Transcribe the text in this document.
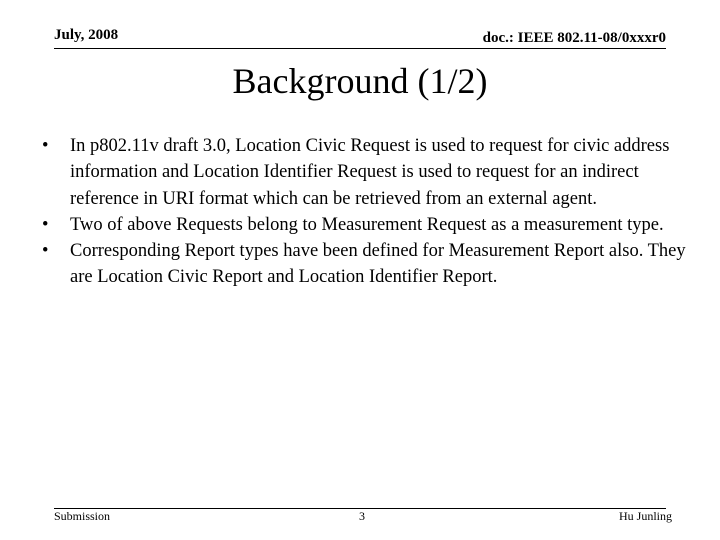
July, 2008	doc.: IEEE 802.11-08/0xxxr0
Background (1/2)
• In p802.11v draft 3.0, Location Civic Request is used to request for civic address information and Location Identifier Request is used to request for an indirect reference in URI format which can be retrieved from an external agent.
• Two of above Requests belong to Measurement Request as a measurement type.
• Corresponding Report types have been defined for Measurement Report also. They are Location Civic Report and Location Identifier Report.
Submission	3	Hu Junling
